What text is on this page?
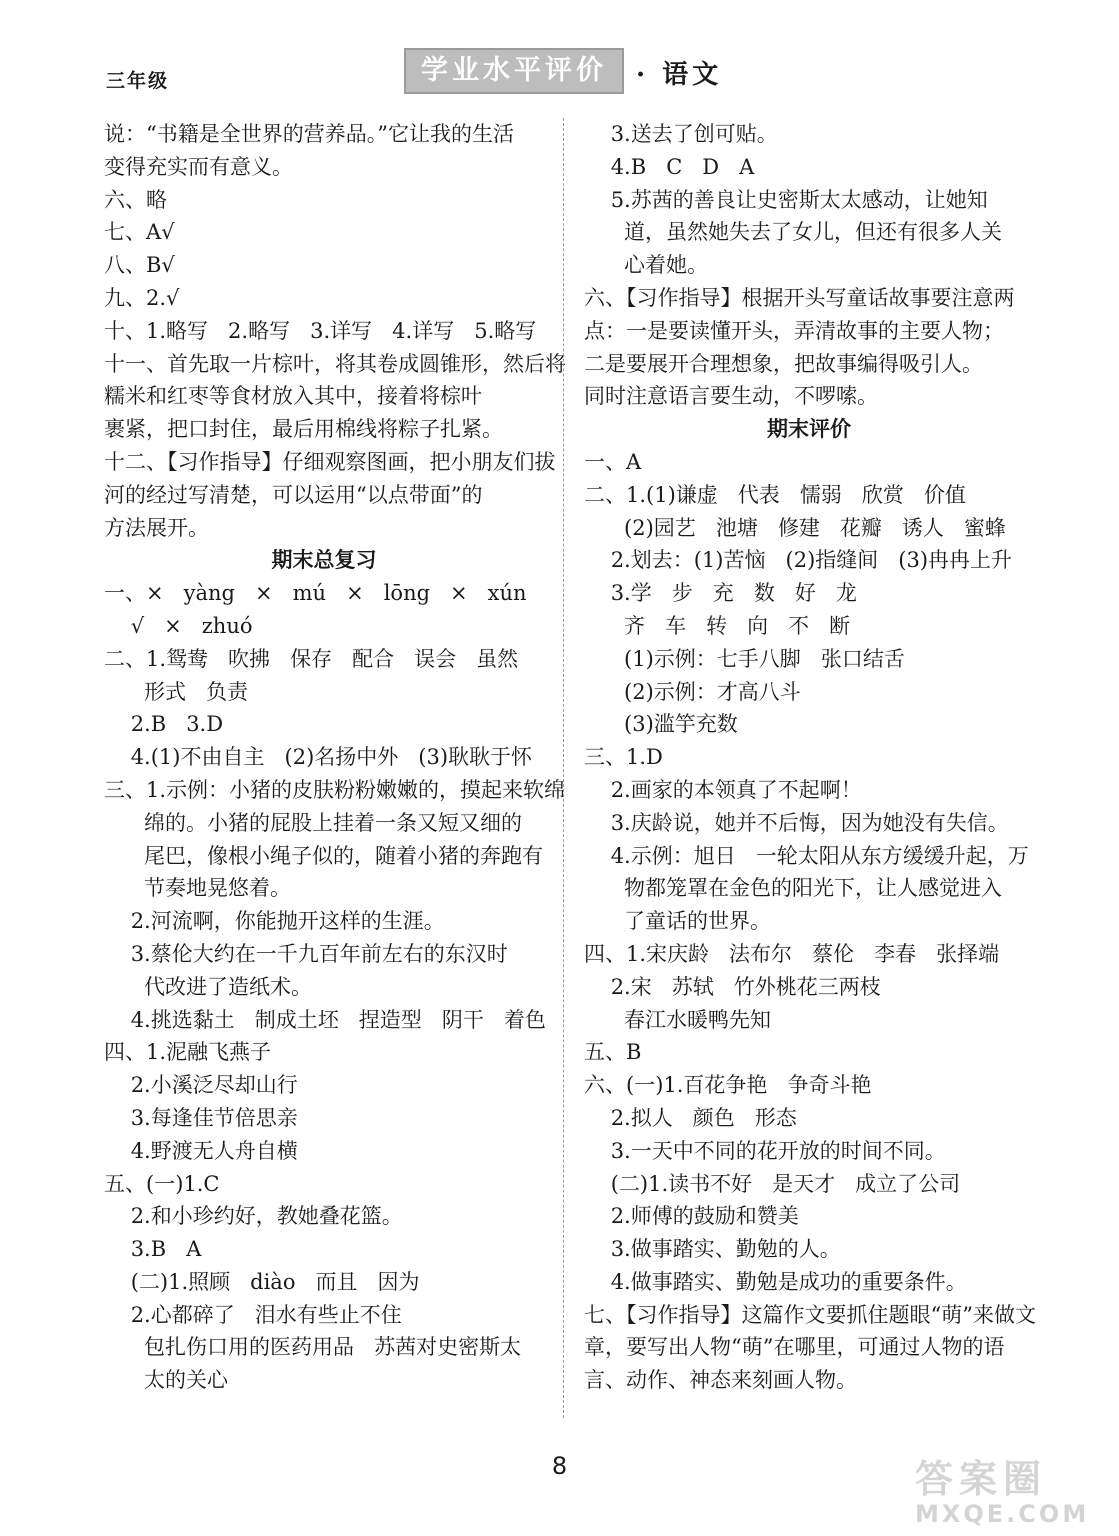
三年级	学业水平评价	· 语文
说：“书籍是全世界的营养品。”它让我的生活
变得充实而有意义。
六、略
七、A√
八、B√
九、2.√
十、1.略写   2.略写   3.详写   4.详写   5.略写
十一、首先取一片棕叶，将其卷成圆锥形，然后将
糯米和红枣等食材放入其中，接着将棕叶
裹紧，把口封住，最后用棉线将粽子扎紧。
十二、【习作指导】仔细观察图画，把小朋友们拔
河的经过写清楚，可以运用“以点带面”的
方法展开。
期末总复习
一、×   yàng   ×   mú   ×   lōng   ×   xún
√   ×   zhuó
二、1.鸳鸯   吹拂   保存   配合   误会   虽然
形式   负责
2.B   3.D
4.(1)不由自主   (2)名扬中外   (3)耿耿于怀
三、1.示例：小猪的皮肤粉粉嫩嫩的，摸起来软绵
绵的。小猪的屁股上挂着一条又短又细的
尾巴，像根小绳子似的，随着小猪的奔跑有
节奏地晃悠着。
2.河流啊，你能抛开这样的生涯。
3.蔡伦大约在一千九百年前左右的东汉时
代改进了造纸术。
4.挑选黏土   制成土坯   捏造型   阴干   着色
四、1.泥融飞燕子
2.小溪泛尽却山行
3.每逢佳节倍思亲
4.野渡无人舟自横
五、(一)1.C
2.和小珍约好，教她叠花篮。
3.B   A
(二)1.照顾   diào   而且   因为
2.心都碎了   泪水有些止不住
包扎伤口用的医药用品   苏茜对史密斯太
太的关心
3.送去了创可贴。
4.B   C   D   A
5.苏茜的善良让史密斯太太感动，让她知
道，虽然她失去了女儿，但还有很多人关
心着她。
六、【习作指导】根据开头写童话故事要注意两
点：一是要读懂开头，弄清故事的主要人物；
二是要展开合理想象，把故事编得吸引人。
同时注意语言要生动，不啰嗦。
期末评价
一、A
二、1.(1)谦虚   代表   懦弱   欣赏   价值
(2)园艺   池塘   修建   花瓣   诱人   蜜蜂
2.划去：(1)苦恼   (2)指缝间   (3)冉冉上升
3.学   步   充   数   好   龙
齐   车   转   向   不   断
(1)示例：七手八脚   张口结舌
(2)示例：才高八斗
(3)滥竽充数
三、1.D
2.画家的本领真了不起啊！
3.庆龄说，她并不后悔，因为她没有失信。
4.示例：旭日   一轮太阳从东方缓缓升起，万
物都笼罩在金色的阳光下，让人感觉进入
了童话的世界。
四、1.宋庆龄   法布尔   蔡伦   李春   张择端
2.宋   苏轼   竹外桃花三两枝
春江水暖鸭先知
五、B
六、(一)1.百花争艳   争奇斗艳
2.拟人   颜色   形态
3.一天中不同的花开放的时间不同。
(二)1.读书不好   是天才   成立了公司
2.师傅的鼓励和赞美
3.做事踏实、勤勉的人。
4.做事踏实、勤勉是成功的重要条件。
七、【习作指导】这篇作文要抓住题眼“萌”来做文
章，要写出人物“萌”在哪里，可通过人物的语
言、动作、神态来刻画人物。
8	答案圈
MXQE.COM
